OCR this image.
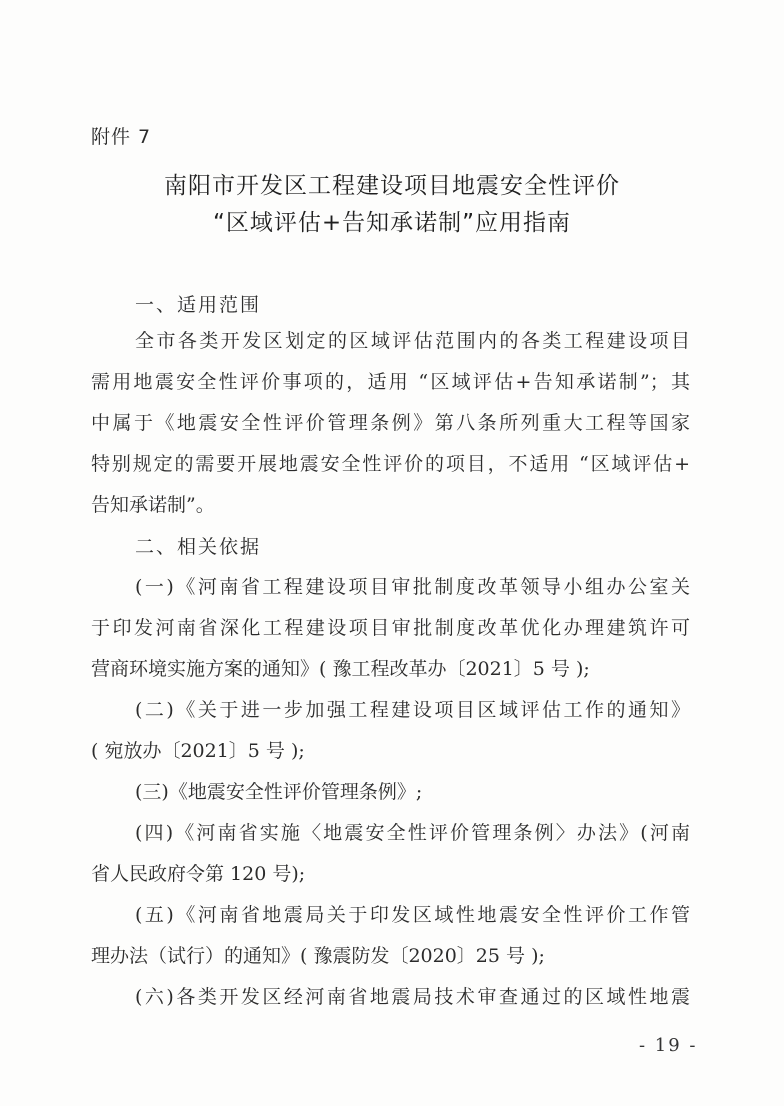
附件 7
南阳市开发区工程建设项目地震安全性评价
“区域评估+告知承诺制”应用指南
一、适用范围
全市各类开发区划定的区域评估范围内的各类工程建设项目
需用地震安全性评价事项的，适用 “区域评估+告知承诺制”；其
中属于《地震安全性评价管理条例》第八条所列重大工程等国家
特别规定的需要开展地震安全性评价的项目，不适用 “区域评估+
告知承诺制”。
二、相关依据
(一)《河南省工程建设项目审批制度改革领导小组办公室关
于印发河南省深化工程建设项目审批制度改革优化办理建筑许可
营商环境实施方案的通知》( 豫工程改革办〔2021〕5 号 );
(二)《关于进一步加强工程建设项目区域评估工作的通知》
( 宛放办〔2021〕5 号 );
(三)《地震安全性评价管理条例》;
(四)《河南省实施〈地震安全性评价管理条例〉办法》(河南
省人民政府令第 120 号);
(五)《河南省地震局关于印发区域性地震安全性评价工作管
理办法（试行）的通知》( 豫震防发〔2020〕25 号 );
(六)各类开发区经河南省地震局技术审查通过的区域性地震
- 19 -
